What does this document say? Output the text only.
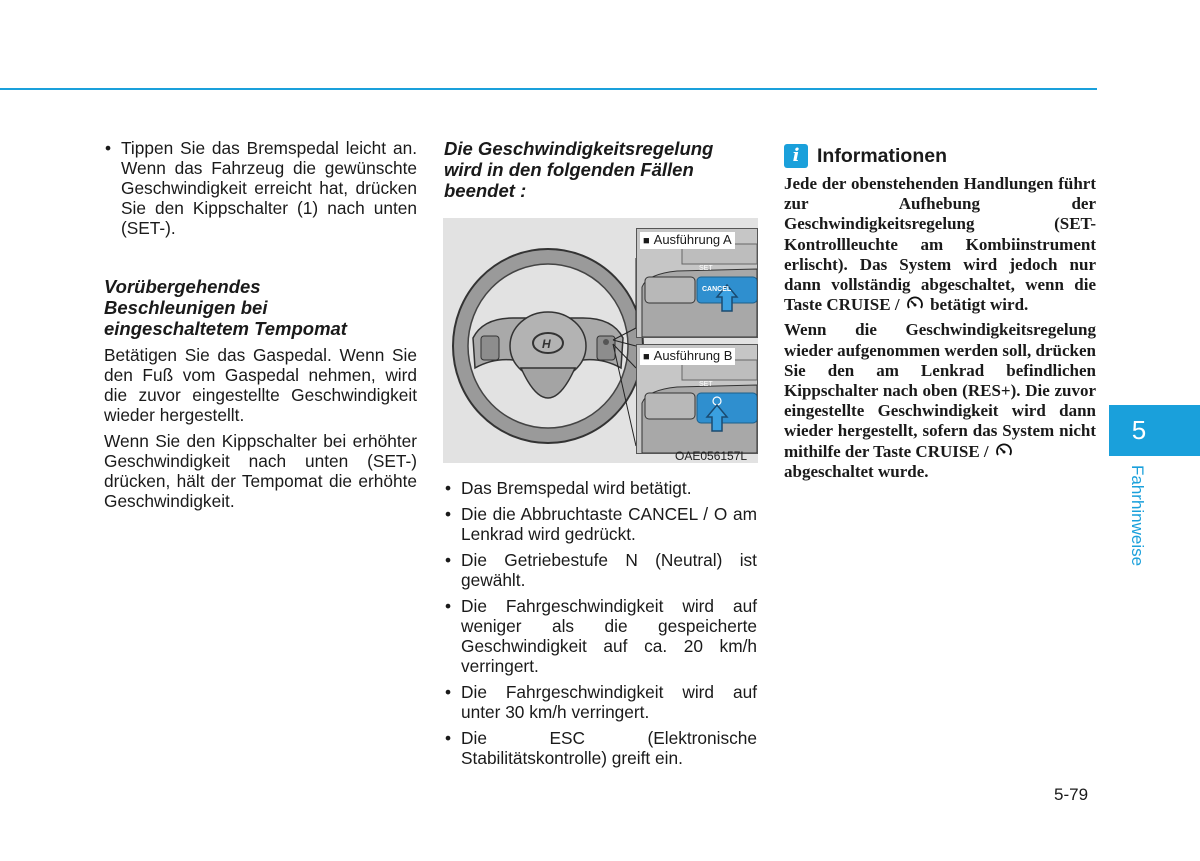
• Tippen Sie das Bremspedal leicht an. Wenn das Fahrzeug die gewünschte Geschwindigkeit erreicht hat, drücken Sie den Kippschalter (1) nach unten (SET-).

Vorübergehendes
Beschleunigen bei
eingeschaltetem Tempomat

Betätigen Sie das Gaspedal. Wenn Sie den Fuß vom Gaspedal nehmen, wird die zuvor eingestellte Geschwindigkeit wieder hergestellt.

Wenn Sie den Kippschalter bei erhöhter Geschwindigkeit nach unten (SET-) drücken, hält der Tempomat die erhöhte Geschwindigkeit.

Die Geschwindigkeitsregelung
wird in den folgenden Fällen
beendet :

H
■ Ausführung A
SET
CANCEL
■ Ausführung B
SET
OAE056157L
• Das Bremspedal wird betätigt.
• Die die Abbruchtaste CANCEL / O am Lenkrad wird gedrückt.
• Die Getriebestufe N (Neutral) ist gewählt.
• Die Fahrgeschwindigkeit wird auf weniger als die gespeicherte Geschwindigkeit auf ca. 20 km/h verringert.
• Die Fahrgeschwindigkeit wird auf unter 30 km/h verringert.
• Die ESC (Elektronische Stabilitätskontrolle) greift ein.
i Informationen

Jede der obenstehenden Handlungen führt zur Aufhebung der Geschwindigkeitsregelung (SET-Kontrollleuchte am Kombiinstrument erlischt). Das System wird jedoch nur dann vollständig abgeschaltet, wenn die Taste CRUISE / betätigt wird.

Wenn die Geschwindigkeitsregelung wieder aufgenommen werden soll, drücken Sie den am Lenkrad befindlichen Kippschalter nach oben (RES+). Die zuvor eingestellte Geschwindigkeit wird dann wieder hergestellt, sofern das System nicht mithilfe der Taste CRUISE /
abgeschaltet wurde.

5
Fahrhinweise
5-79
